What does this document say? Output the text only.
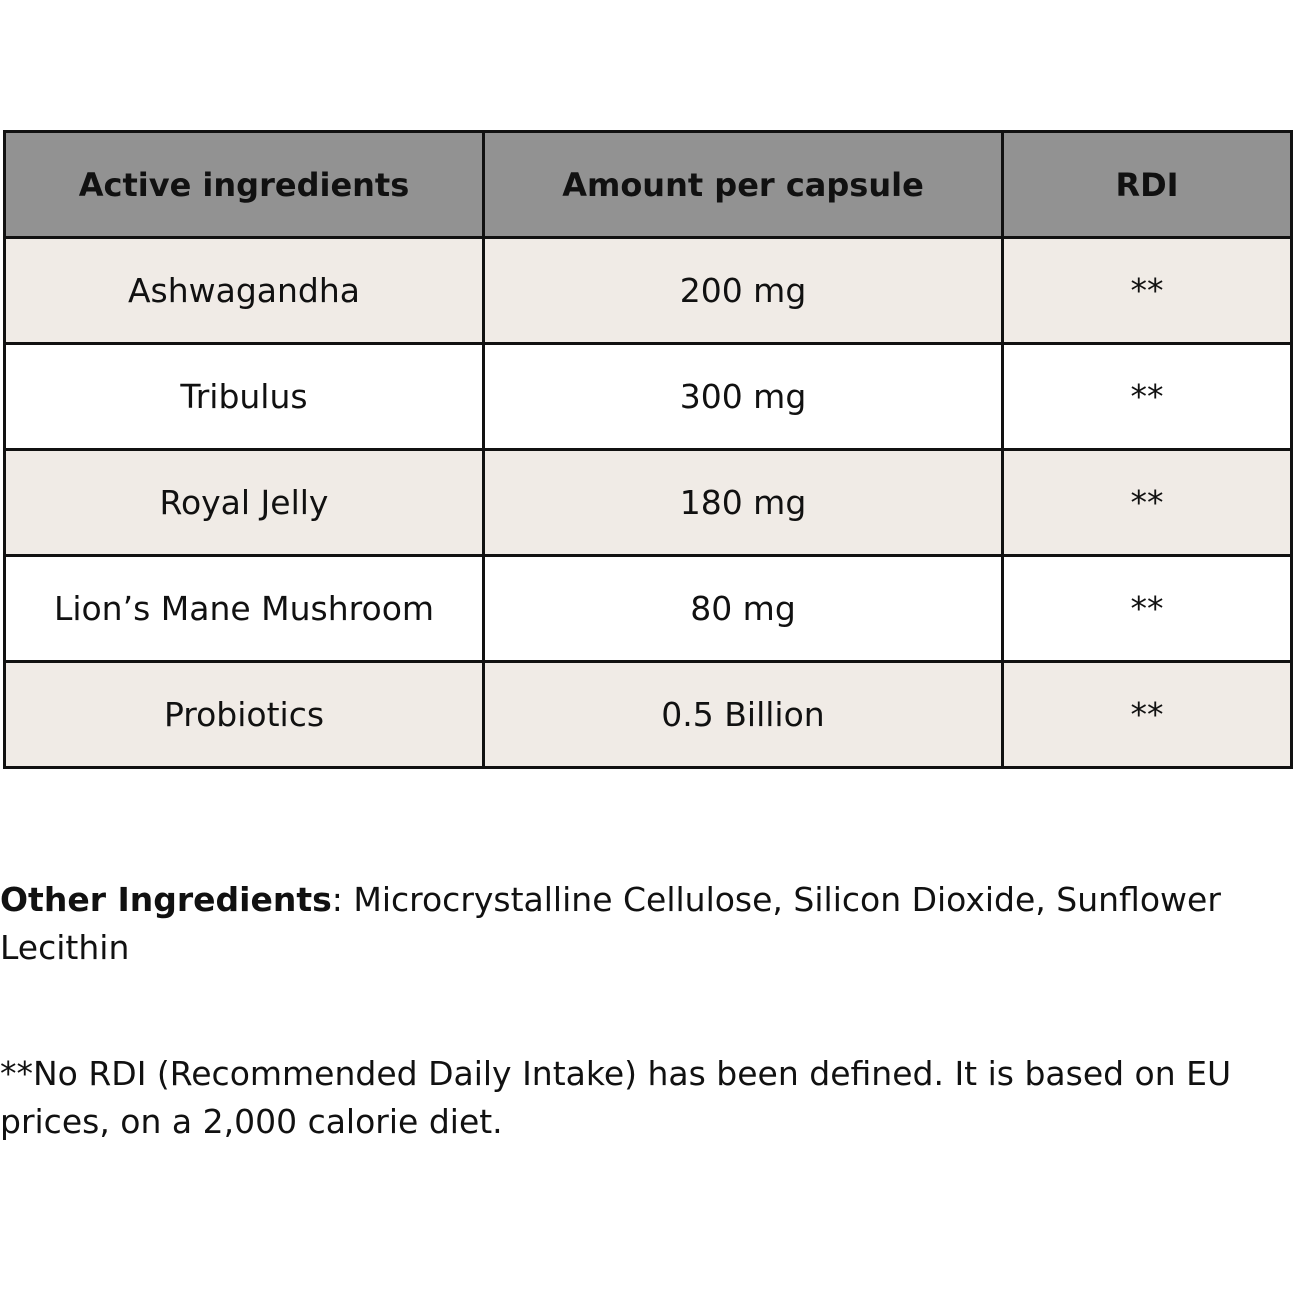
Active ingredients	Amount per capsule	RDI
Ashwagandha	200 mg	**
Tribulus	300 mg	**
Royal Jelly	180 mg	**
Lion’s Mane Mushroom	80 mg	**
Probiotics	0.5 Billion	**

Other Ingredients: Microcrystalline Cellulose, Silicon Dioxide, Sunflower Lecithin

**No RDI (Recommended Daily Intake) has been defined. It is based on EU prices, on a 2,000 calorie diet.
